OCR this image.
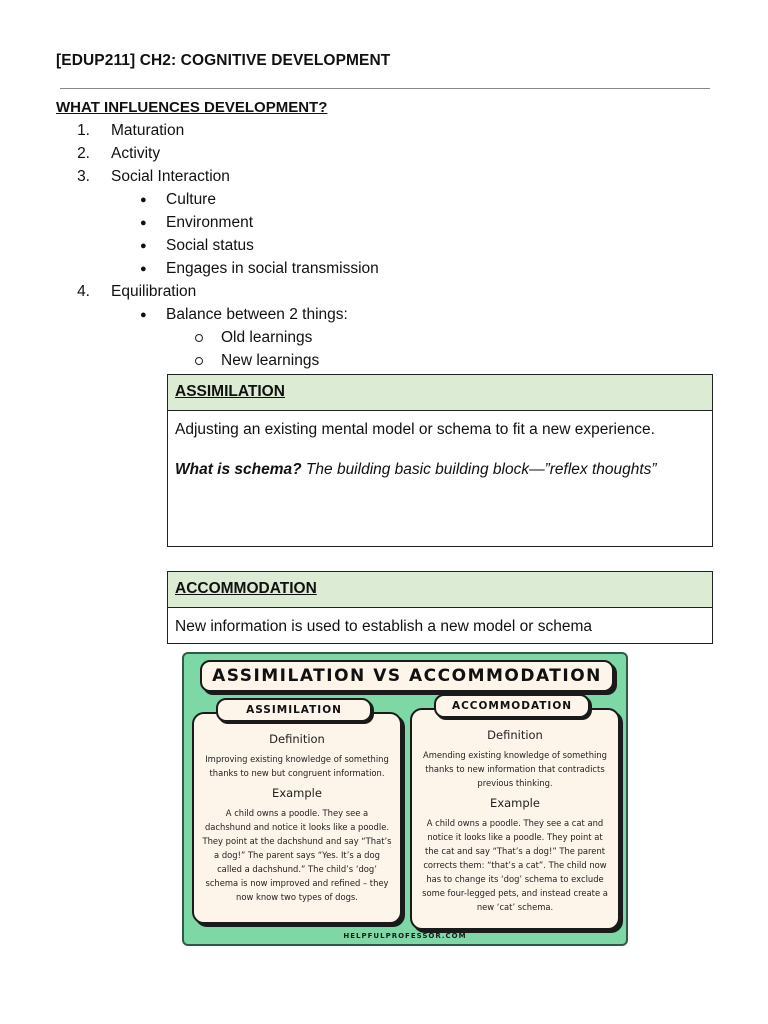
[EDUP211] CH2: COGNITIVE DEVELOPMENT
WHAT INFLUENCES DEVELOPMENT?
1. Maturation
2. Activity
3. Social Interaction
● Culture
● Environment
● Social status
● Engages in social transmission
4. Equilibration
● Balance between 2 things:
Old learnings
New learnings
ASSIMILATION

Adjusting an existing mental model or schema to fit a new experience.

What is schema? The building basic building block—”reflex thoughts”

ACCOMMODATION

New information is used to establish a new model or schema

ASSIMILATION VS ACCOMMODATION
ASSIMILATION
Definition
Improving existing knowledge of something thanks to new but congruent information.
Example
A child owns a poodle. They see a dachshund and notice it looks like a poodle. They point at the dachshund and say “That’s a dog!” The parent says “Yes. It’s a dog called a dachshund.” The child’s ‘dog’ schema is now improved and refined – they now know two types of dogs.
ACCOMMODATION
Definition
Amending existing knowledge of something thanks to new information that contradicts previous thinking.
Example
A child owns a poodle. They see a cat and notice it looks like a poodle. They point at the cat and say “That’s a dog!” The parent corrects them: “that’s a cat”. The child now has to change its ‘dog’ schema to exclude some four-legged pets, and instead create a new ‘cat’ schema.
HELPFULPROFESSOR.COM
